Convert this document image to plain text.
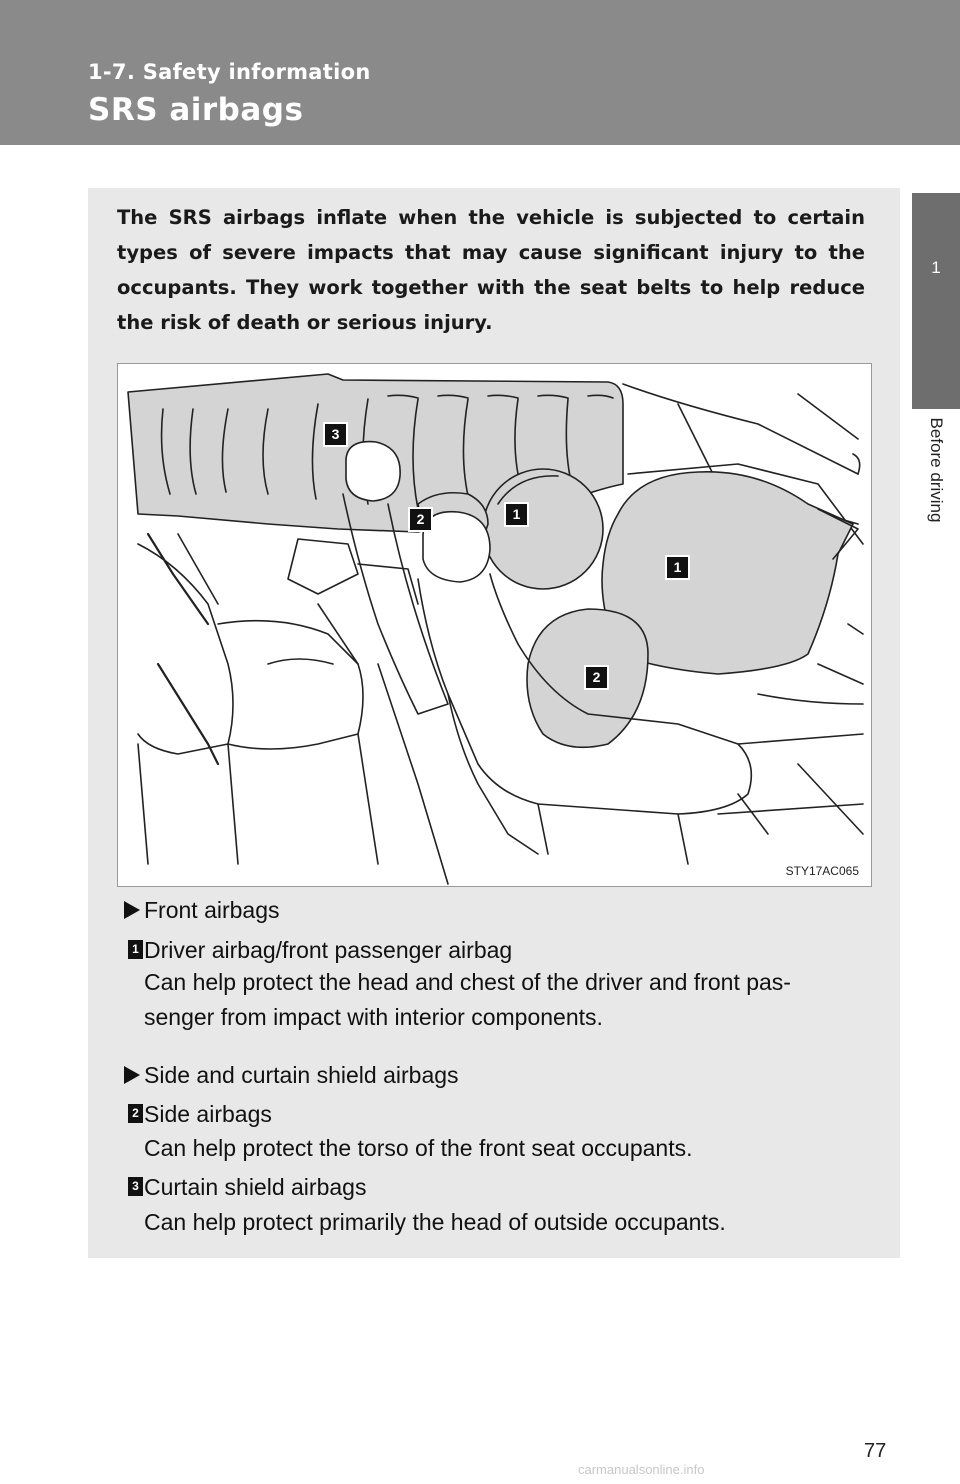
1-7. Safety information
SRS airbags
1
Before driving
The SRS airbags inflate when the vehicle is subjected to certain types of severe impacts that may cause significant injury to the occupants. They work together with the seat belts to help reduce the risk of death or serious injury.
3
2	1
1
2
STY17AC065
Front airbags
1 Driver airbag/front passenger airbag
Can help protect the head and chest of the driver and front pas-
senger from impact with interior components.
Side and curtain shield airbags
2 Side airbags
Can help protect the torso of the front seat occupants.
3 Curtain shield airbags
Can help protect primarily the head of outside occupants.
77
carmanualsonline.info
